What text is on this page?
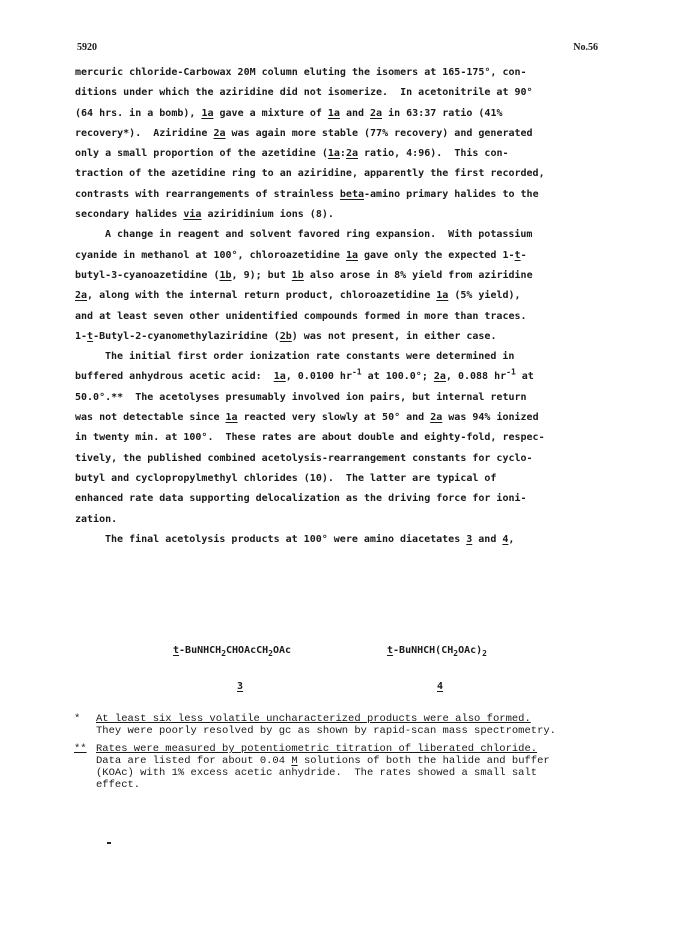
5920	No.56

mercuric chloride-Carbowax 20M column eluting the isomers at 165-175°, con-
ditions under which the aziridine did not isomerize.  In acetonitrile at 90°
(64 hrs. in a bomb), 1a gave a mixture of 1a and 2a in 63:37 ratio (41%
recovery*).  Aziridine 2a was again more stable (77% recovery) and generated
only a small proportion of the azetidine (1a:2a ratio, 4:96).  This con-
traction of the azetidine ring to an aziridine, apparently the first recorded,
contrasts with rearrangements of strainless beta-amino primary halides to the
secondary halides via aziridinium ions (8).

A change in reagent and solvent favored ring expansion.  With potassium
cyanide in methanol at 100°, chloroazetidine 1a gave only the expected 1-t-
butyl-3-cyanoazetidine (1b, 9); but 1b also arose in 8% yield from aziridine
2a, along with the internal return product, chloroazetidine 1a (5% yield),
and at least seven other unidentified compounds formed in more than traces.
1-t-Butyl-2-cyanomethylaziridine (2b) was not present, in either case.

The initial first order ionization rate constants were determined in
buffered anhydrous acetic acid:  1a, 0.0100 $hr^{-1}$ at 100.0°; 2a, 0.088 $hr^{-1}$ at
50.0°.**  The acetolyses presumably involved ion pairs, but internal return
was not detectable since 1a reacted very slowly at 50° and 2a was 94% ionized
in twenty min. at 100°.  These rates are about double and eighty-fold, respec-
tively, the published combined acetolysis-rearrangement constants for cyclo-
butyl and cyclopropylmethyl chlorides (10).  The latter are typical of
enhanced rate data supporting delocalization as the driving force for ioni-
zation.

The final acetolysis products at 100° were amino diacetates 3 and 4,

t-BuNHCH$_2$CHOAcCH$_2$OAc	$t-BuNHCH(CH_2OAc)_2$
3	4
* At least six less volatile uncharacterized products were also formed.
They were poorly resolved by gc as shown by rapid-scan mass spectrometry.
** Rates were measured by potentiometric titration of liberated chloride.
Data are listed for about 0.04 M solutions of both the halide and buffer
(KOAc) with 1% excess acetic anhydride.  The rates showed a small salt
effect.
